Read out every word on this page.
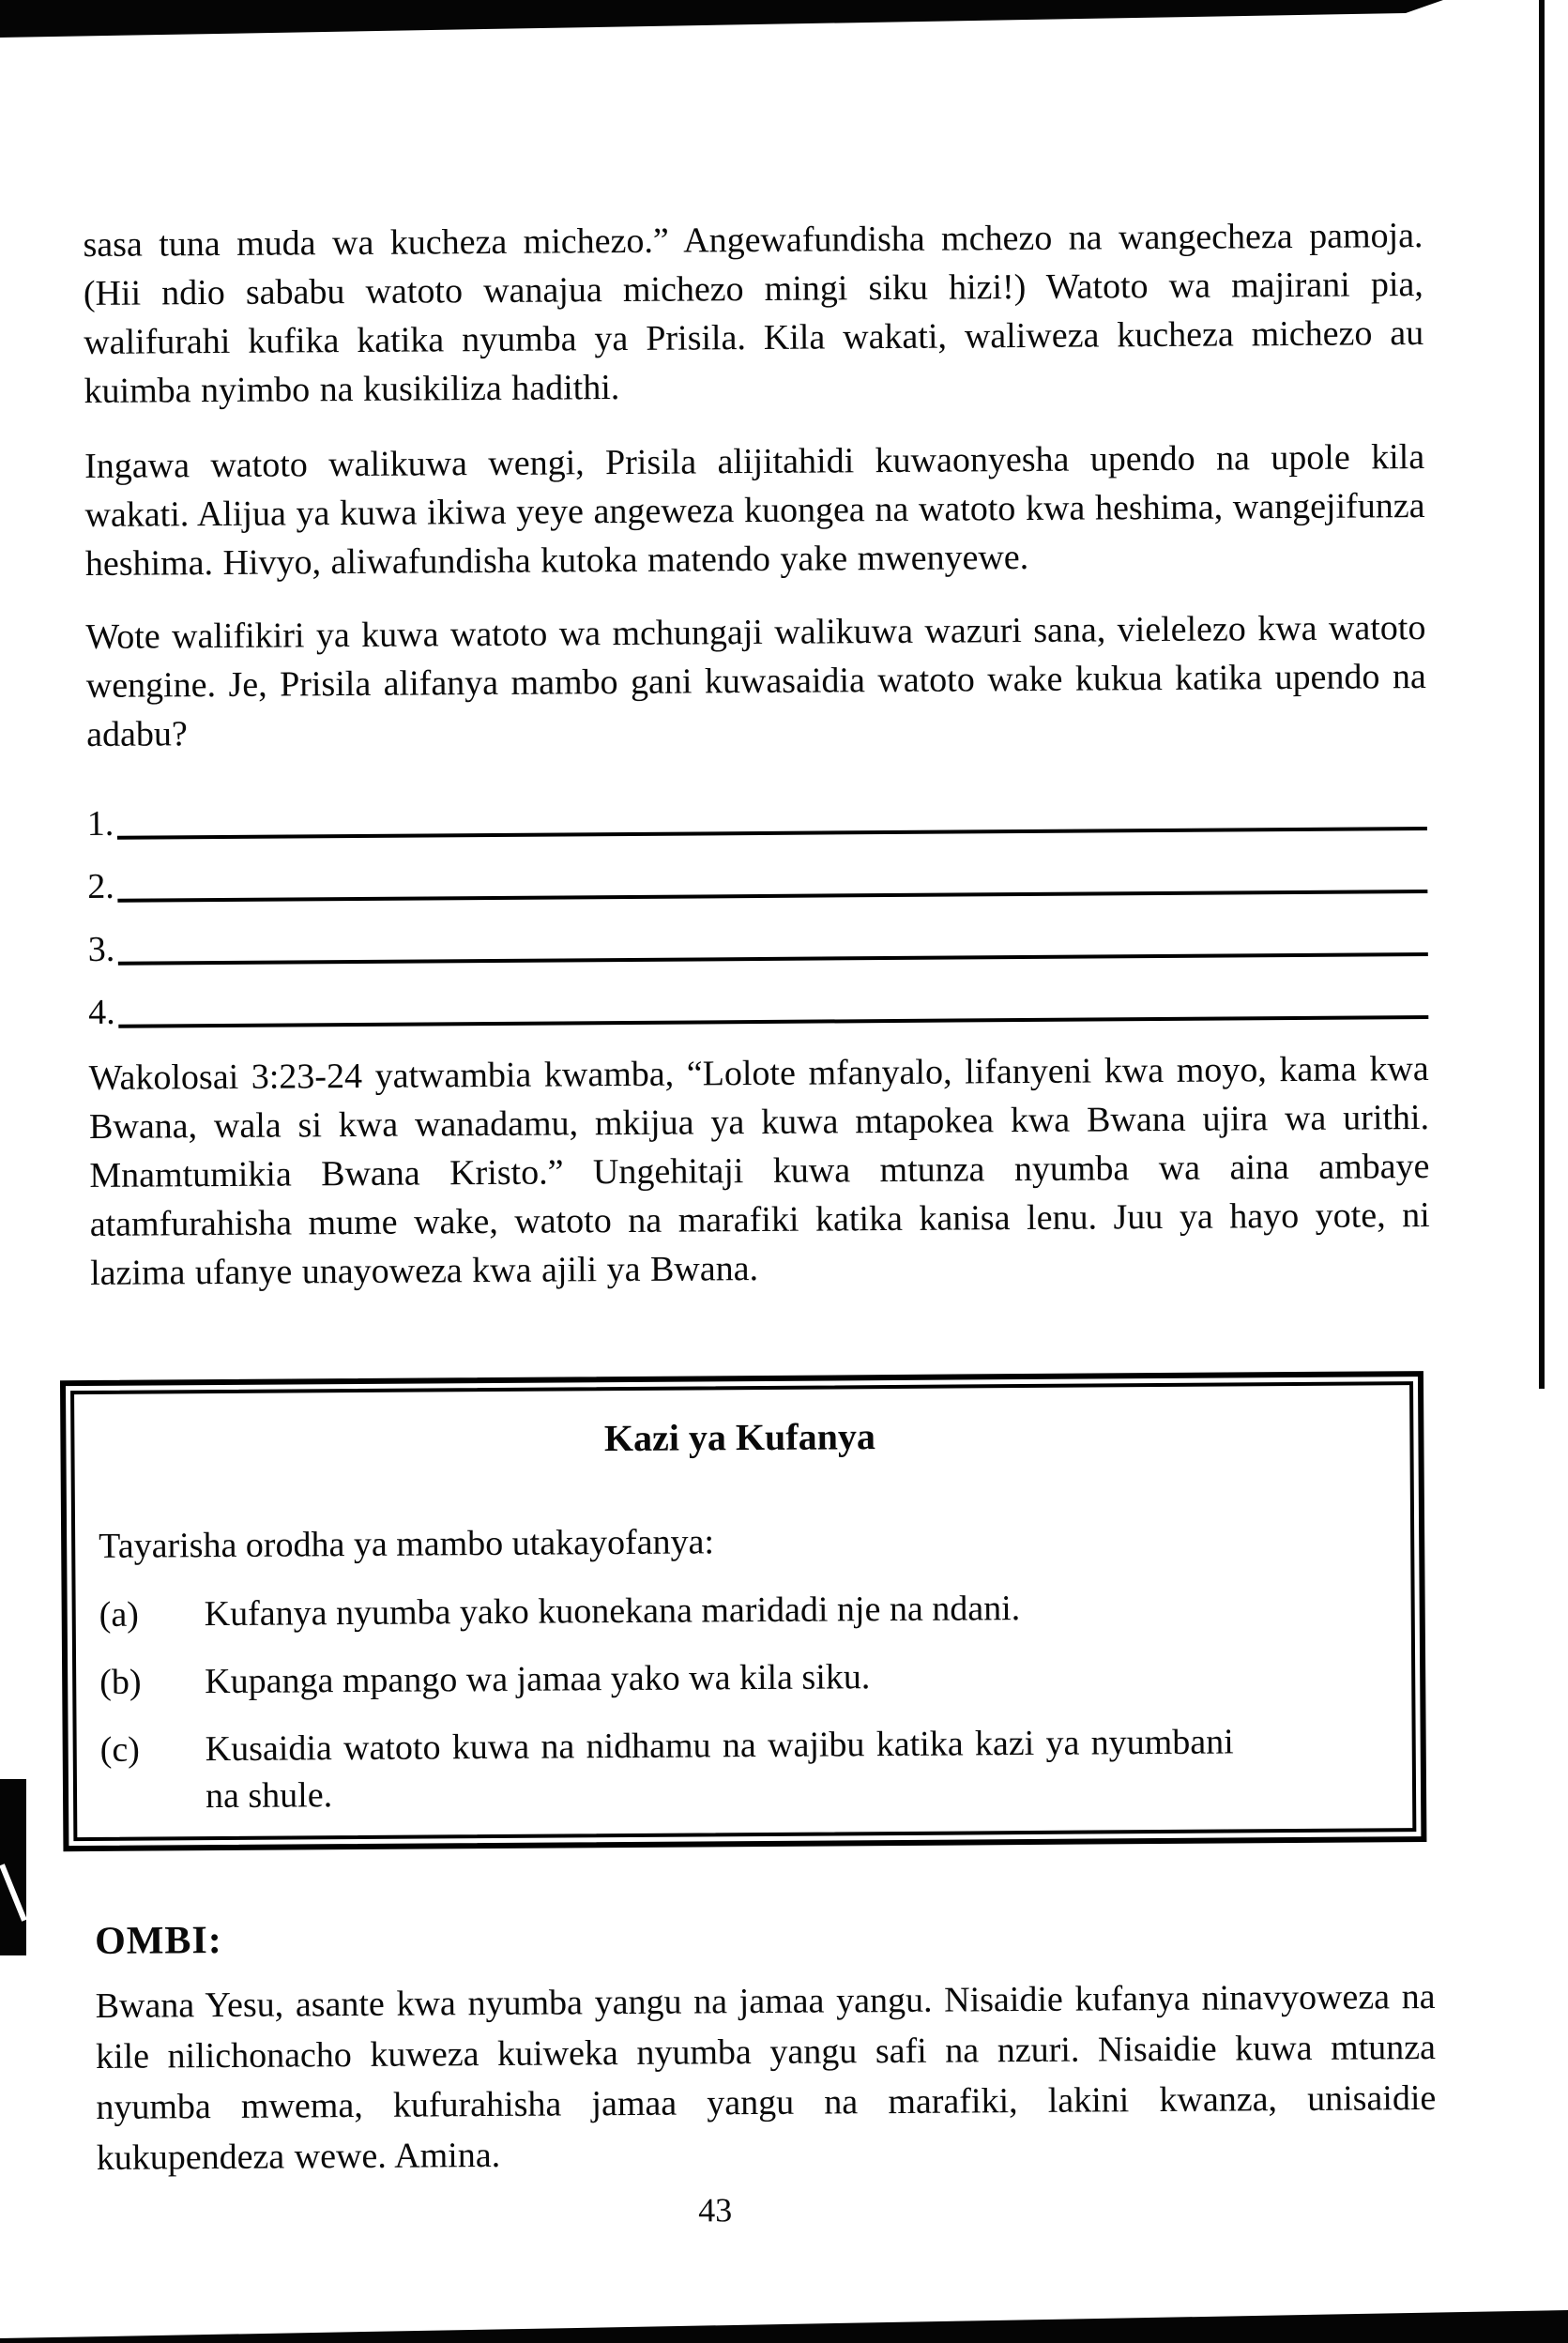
sasa tuna muda wa kucheza michezo.” Angewafundisha mchezo na wangecheza pamoja. (Hii ndio sababu watoto wanajua michezo mingi siku hizi!) Watoto wa majirani pia, walifurahi kufika katika nyumba ya Prisila. Kila wakati, waliweza kucheza michezo au kuimba nyimbo na kusikiliza hadithi.

Ingawa watoto walikuwa wengi, Prisila alijitahidi kuwaonyesha upendo na upole kila wakati. Alijua ya kuwa ikiwa yeye angeweza kuongea na watoto kwa heshima, wangejifunza heshima. Hivyo, aliwafundisha kutoka matendo yake mwenyewe.

Wote walifikiri ya kuwa watoto wa mchungaji walikuwa wazuri sana, vielelezo kwa watoto wengine. Je, Prisila alifanya mambo gani kuwasaidia watoto wake kukua katika upendo na adabu?

1.
2.
3.
4.

Wakolosai 3:23-24 yatwambia kwamba, “Lolote mfanyalo, lifanyeni kwa moyo, kama kwa Bwana, wala si kwa wanadamu, mkijua ya kuwa mtapokea kwa Bwana ujira wa urithi. Mnamtumikia Bwana Kristo.” Ungehitaji kuwa mtunza nyumba wa aina ambaye atamfurahisha mume wake, watoto na marafiki katika kanisa lenu. Juu ya hayo yote, ni lazima ufanye unayoweza kwa ajili ya Bwana.

Kazi ya Kufanya
Tayarisha orodha ya mambo utakayofanya:
(a)	Kufanya nyumba yako kuonekana maridadi nje na ndani.
(b)	Kupanga mpango wa jamaa yako wa kila siku.
(c)	Kusaidia watoto kuwa na nidhamu na wajibu katika kazi ya nyumbani na shule.
OMBI:

Bwana Yesu, asante kwa nyumba yangu na jamaa yangu. Nisaidie kufanya ninavyoweza na kile nilichonacho kuweza kuiweka nyumba yangu safi na nzuri. Nisaidie kuwa mtunza nyumba mwema, kufurahisha jamaa yangu na marafiki, lakini kwanza, unisaidie kukupendeza wewe. Amina.

43
